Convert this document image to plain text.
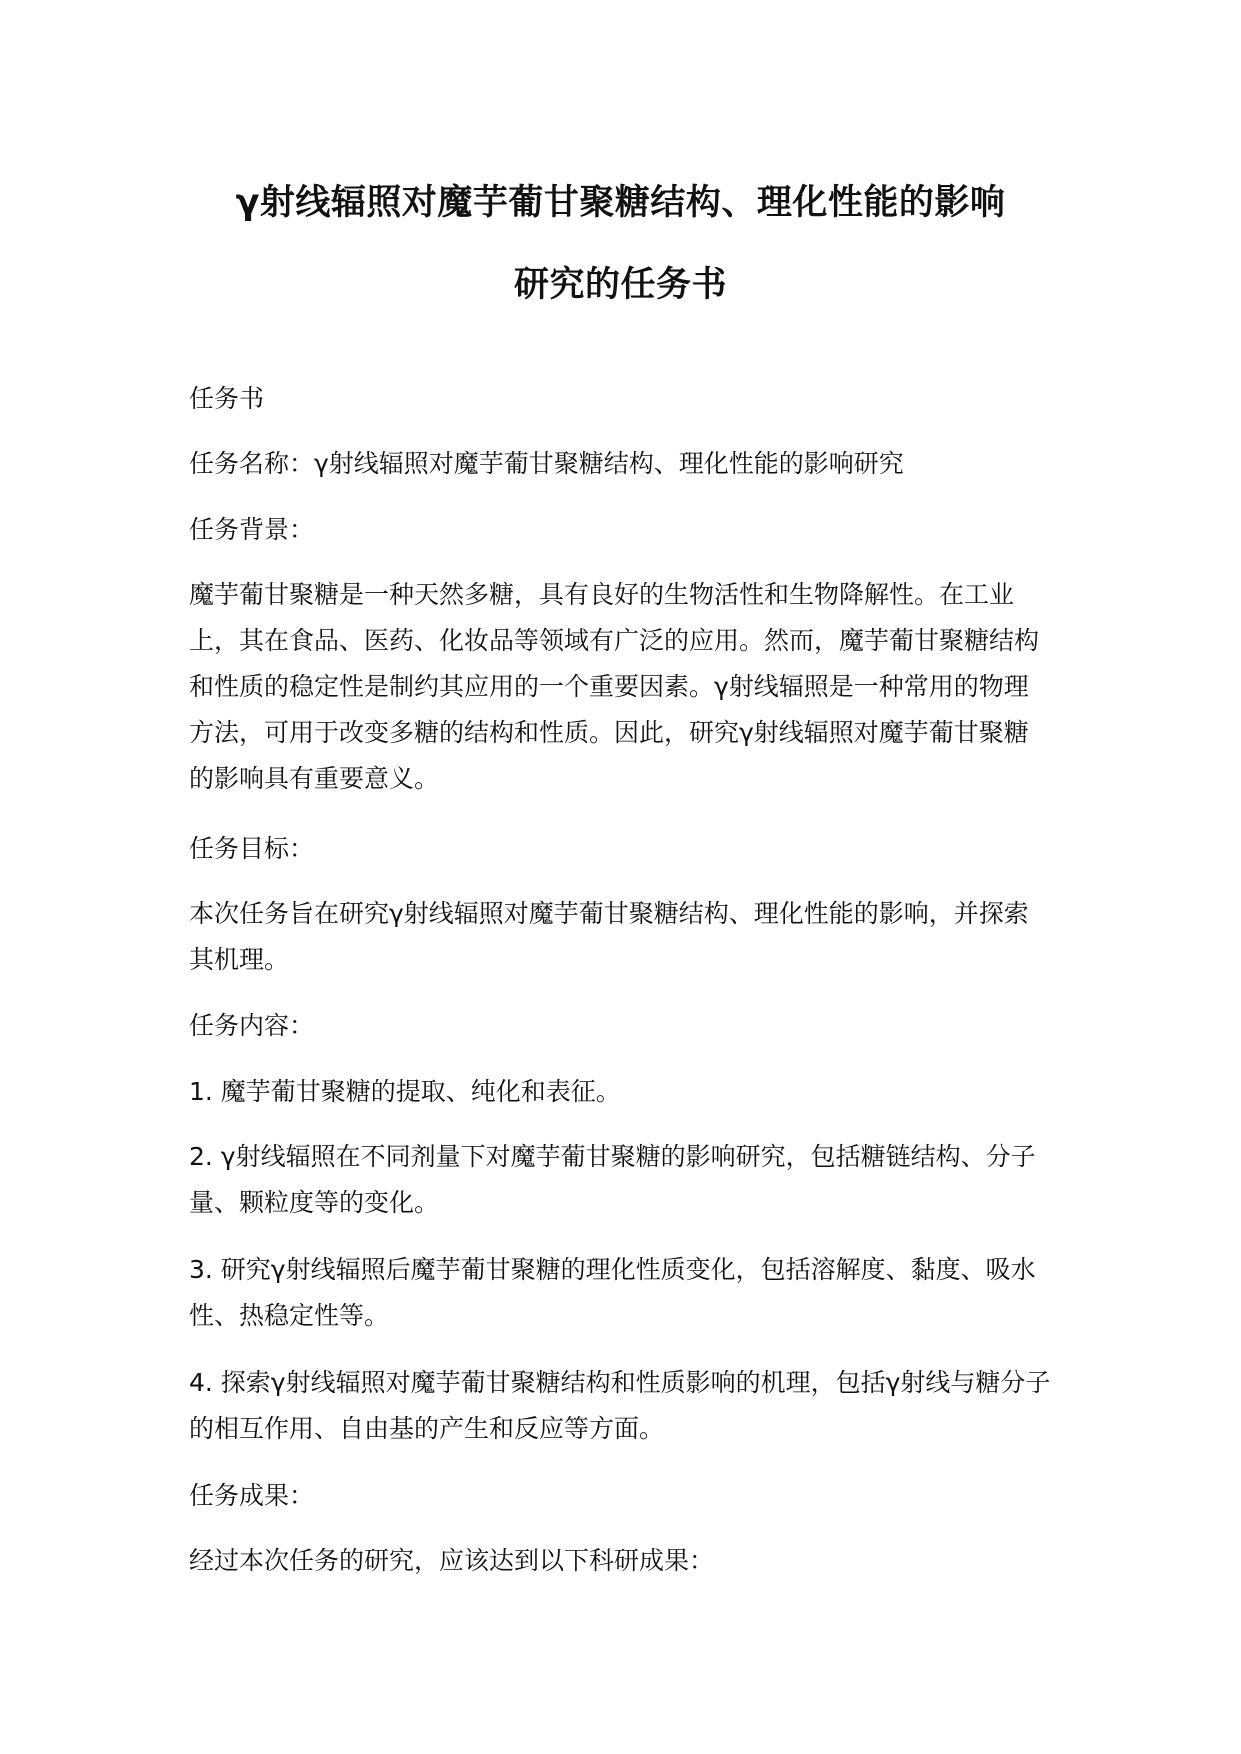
γ射线辐照对魔芋葡甘聚糖结构、理化性能的影响
研究的任务书

任务书

任务名称：γ射线辐照对魔芋葡甘聚糖结构、理化性能的影响研究

任务背景：

魔芋葡甘聚糖是一种天然多糖，具有良好的生物活性和生物降解性。在工业上，其在食品、医药、化妆品等领域有广泛的应用。然而，魔芋葡甘聚糖结构和性质的稳定性是制约其应用的一个重要因素。γ射线辐照是一种常用的物理方法，可用于改变多糖的结构和性质。因此，研究γ射线辐照对魔芋葡甘聚糖的影响具有重要意义。

任务目标：

本次任务旨在研究γ射线辐照对魔芋葡甘聚糖结构、理化性能的影响，并探索其机理。

任务内容：

1. 魔芋葡甘聚糖的提取、纯化和表征。

2. γ射线辐照在不同剂量下对魔芋葡甘聚糖的影响研究，包括糖链结构、分子量、颗粒度等的变化。

3. 研究γ射线辐照后魔芋葡甘聚糖的理化性质变化，包括溶解度、黏度、吸水性、热稳定性等。

4. 探索γ射线辐照对魔芋葡甘聚糖结构和性质影响的机理，包括γ射线与糖分子的相互作用、自由基的产生和反应等方面。

任务成果：

经过本次任务的研究，应该达到以下科研成果：
